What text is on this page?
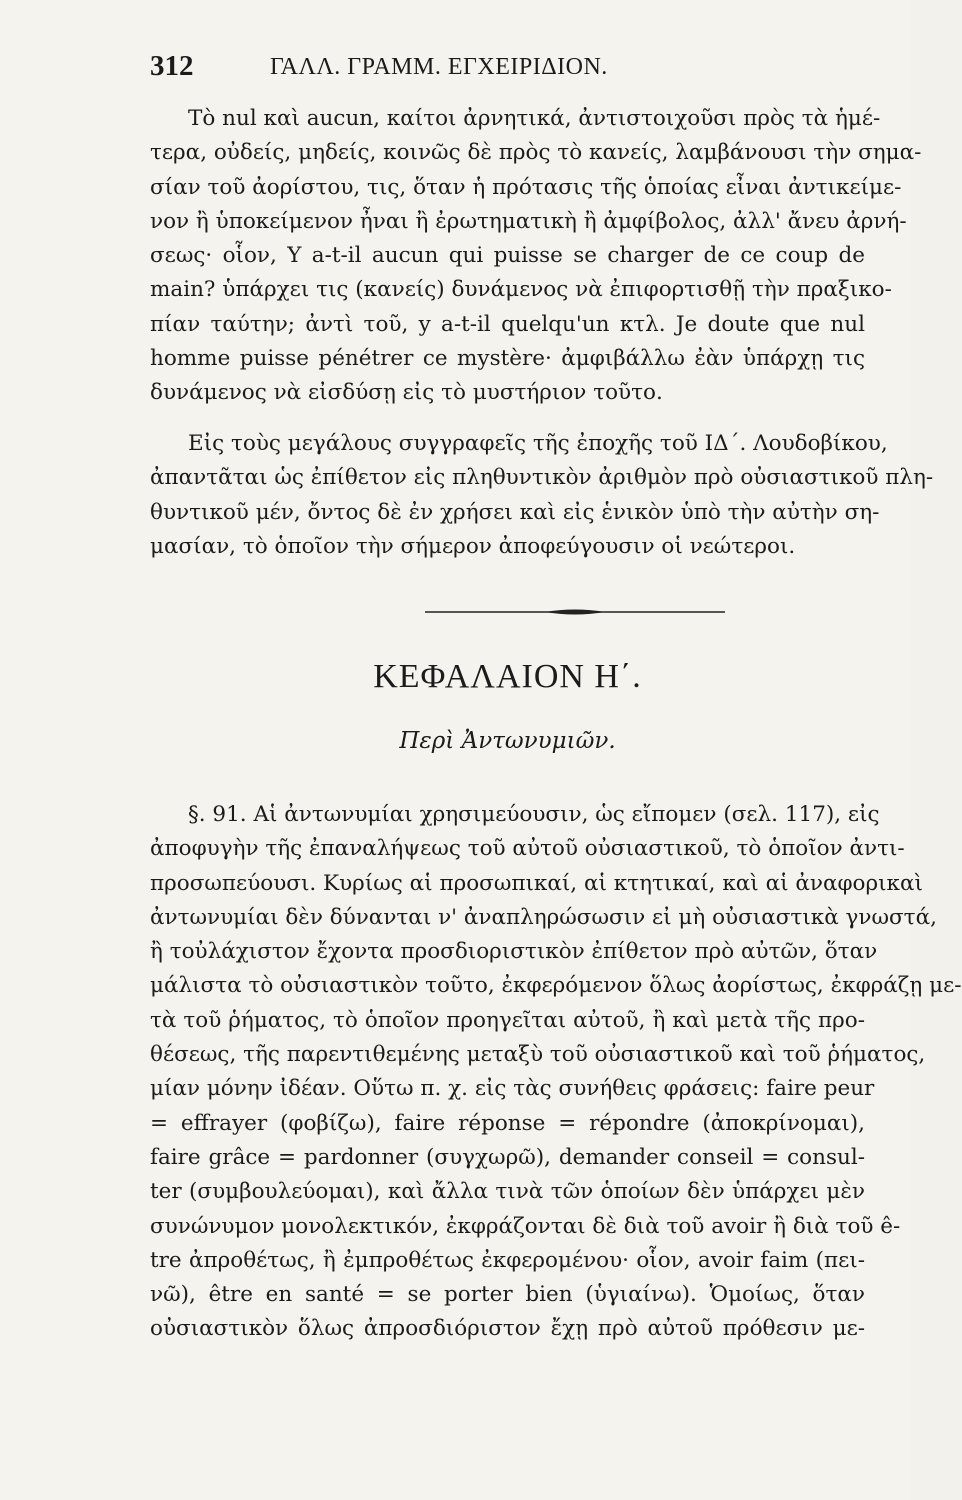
312	ΓΑΛΛ. ΓΡΑΜΜ. ΕΓΧΕΙΡΙΔΙΟΝ.
Τὸ nul καὶ aucun, καίτοι ἀρνητικά, ἀντιστοιχοῦσι πρὸς τὰ ἡμέ-
τερα, οὐδείς, μηδείς, κοινῶς δὲ πρὸς τὸ κανείς, λαμβάνουσι τὴν σημα-
σίαν τοῦ ἀορίστου, τις, ὅταν ἡ πρότασις τῆς ὁποίας εἶναι ἀντικείμε-
νον ἢ ὑποκείμενον ἦναι ἢ ἐρωτηματικὴ ἢ ἀμφίβολος, ἀλλ' ἄνευ ἀρνή-
σεως· οἷον, Y a-t-il aucun qui puisse se charger de ce coup de
main? ὑπάρχει τις (κανείς) δυνάμενος νὰ ἐπιφορτισθῇ τὴν πραξικο-
πίαν ταύτην; ἀντὶ τοῦ, y a-t-il quelqu'un κτλ. Je doute que nul
homme puisse pénétrer ce mystère· ἀμφιβάλλω ἐὰν ὑπάρχῃ τις
δυνάμενος νὰ εἰσδύσῃ εἰς τὸ μυστήριον τοῦτο.
Εἰς τοὺς μεγάλους συγγραφεῖς τῆς ἐποχῆς τοῦ ΙΔ΄. Λουδοβίκου,
ἀπαντᾶται ὡς ἐπίθετον εἰς πληθυντικὸν ἀριθμὸν πρὸ οὐσιαστικοῦ πλη-
θυντικοῦ μέν, ὄντος δὲ ἐν χρήσει καὶ εἰς ἑνικὸν ὑπὸ τὴν αὐτὴν ση-
μασίαν, τὸ ὁποῖον τὴν σήμερον ἀποφεύγουσιν οἱ νεώτεροι.
ΚΕΦΑΛΑΙΟΝ Η΄.
Περὶ Ἀντωνυμιῶν.
§. 91. Αἱ ἀντωνυμίαι χρησιμεύουσιν, ὡς εἴπομεν (σελ. 117), εἰς
ἀποφυγὴν τῆς ἐπαναλήψεως τοῦ αὐτοῦ οὐσιαστικοῦ, τὸ ὁποῖον ἀντι-
προσωπεύουσι. Κυρίως αἱ προσωπικαί, αἱ κτητικαί, καὶ αἱ ἀναφορικαὶ
ἀντωνυμίαι δὲν δύνανται ν' ἀναπληρώσωσιν εἰ μὴ οὐσιαστικὰ γνωστά,
ἢ τοὐλάχιστον ἔχοντα προσδιοριστικὸν ἐπίθετον πρὸ αὐτῶν, ὅταν
μάλιστα τὸ οὐσιαστικὸν τοῦτο, ἐκφερόμενον ὅλως ἀορίστως, ἐκφράζῃ με-
τὰ τοῦ ῥήματος, τὸ ὁποῖον προηγεῖται αὐτοῦ, ἢ καὶ μετὰ τῆς προ-
θέσεως, τῆς παρεντιθεμένης μεταξὺ τοῦ οὐσιαστικοῦ καὶ τοῦ ῥήματος,
μίαν μόνην ἰδέαν. Οὕτω π. χ. εἰς τὰς συνήθεις φράσεις: faire peur
= effrayer (φοβίζω), faire réponse = répondre (ἀποκρίνομαι),
faire grâce = pardonner (συγχωρῶ), demander conseil = consul-
ter (συμβουλεύομαι), καὶ ἄλλα τινὰ τῶν ὁποίων δὲν ὑπάρχει μὲν
συνώνυμον μονολεκτικόν, ἐκφράζονται δὲ διὰ τοῦ avoir ἢ διὰ τοῦ ê-
tre ἀπροθέτως, ἢ ἐμπροθέτως ἐκφερομένου· οἷον, avoir faim (πει-
νῶ), être en santé = se porter bien (ὑγιαίνω). Ὁμοίως, ὅταν
οὐσιαστικὸν ὅλως ἀπροσδιόριστον ἔχῃ πρὸ αὐτοῦ πρόθεσιν με-
